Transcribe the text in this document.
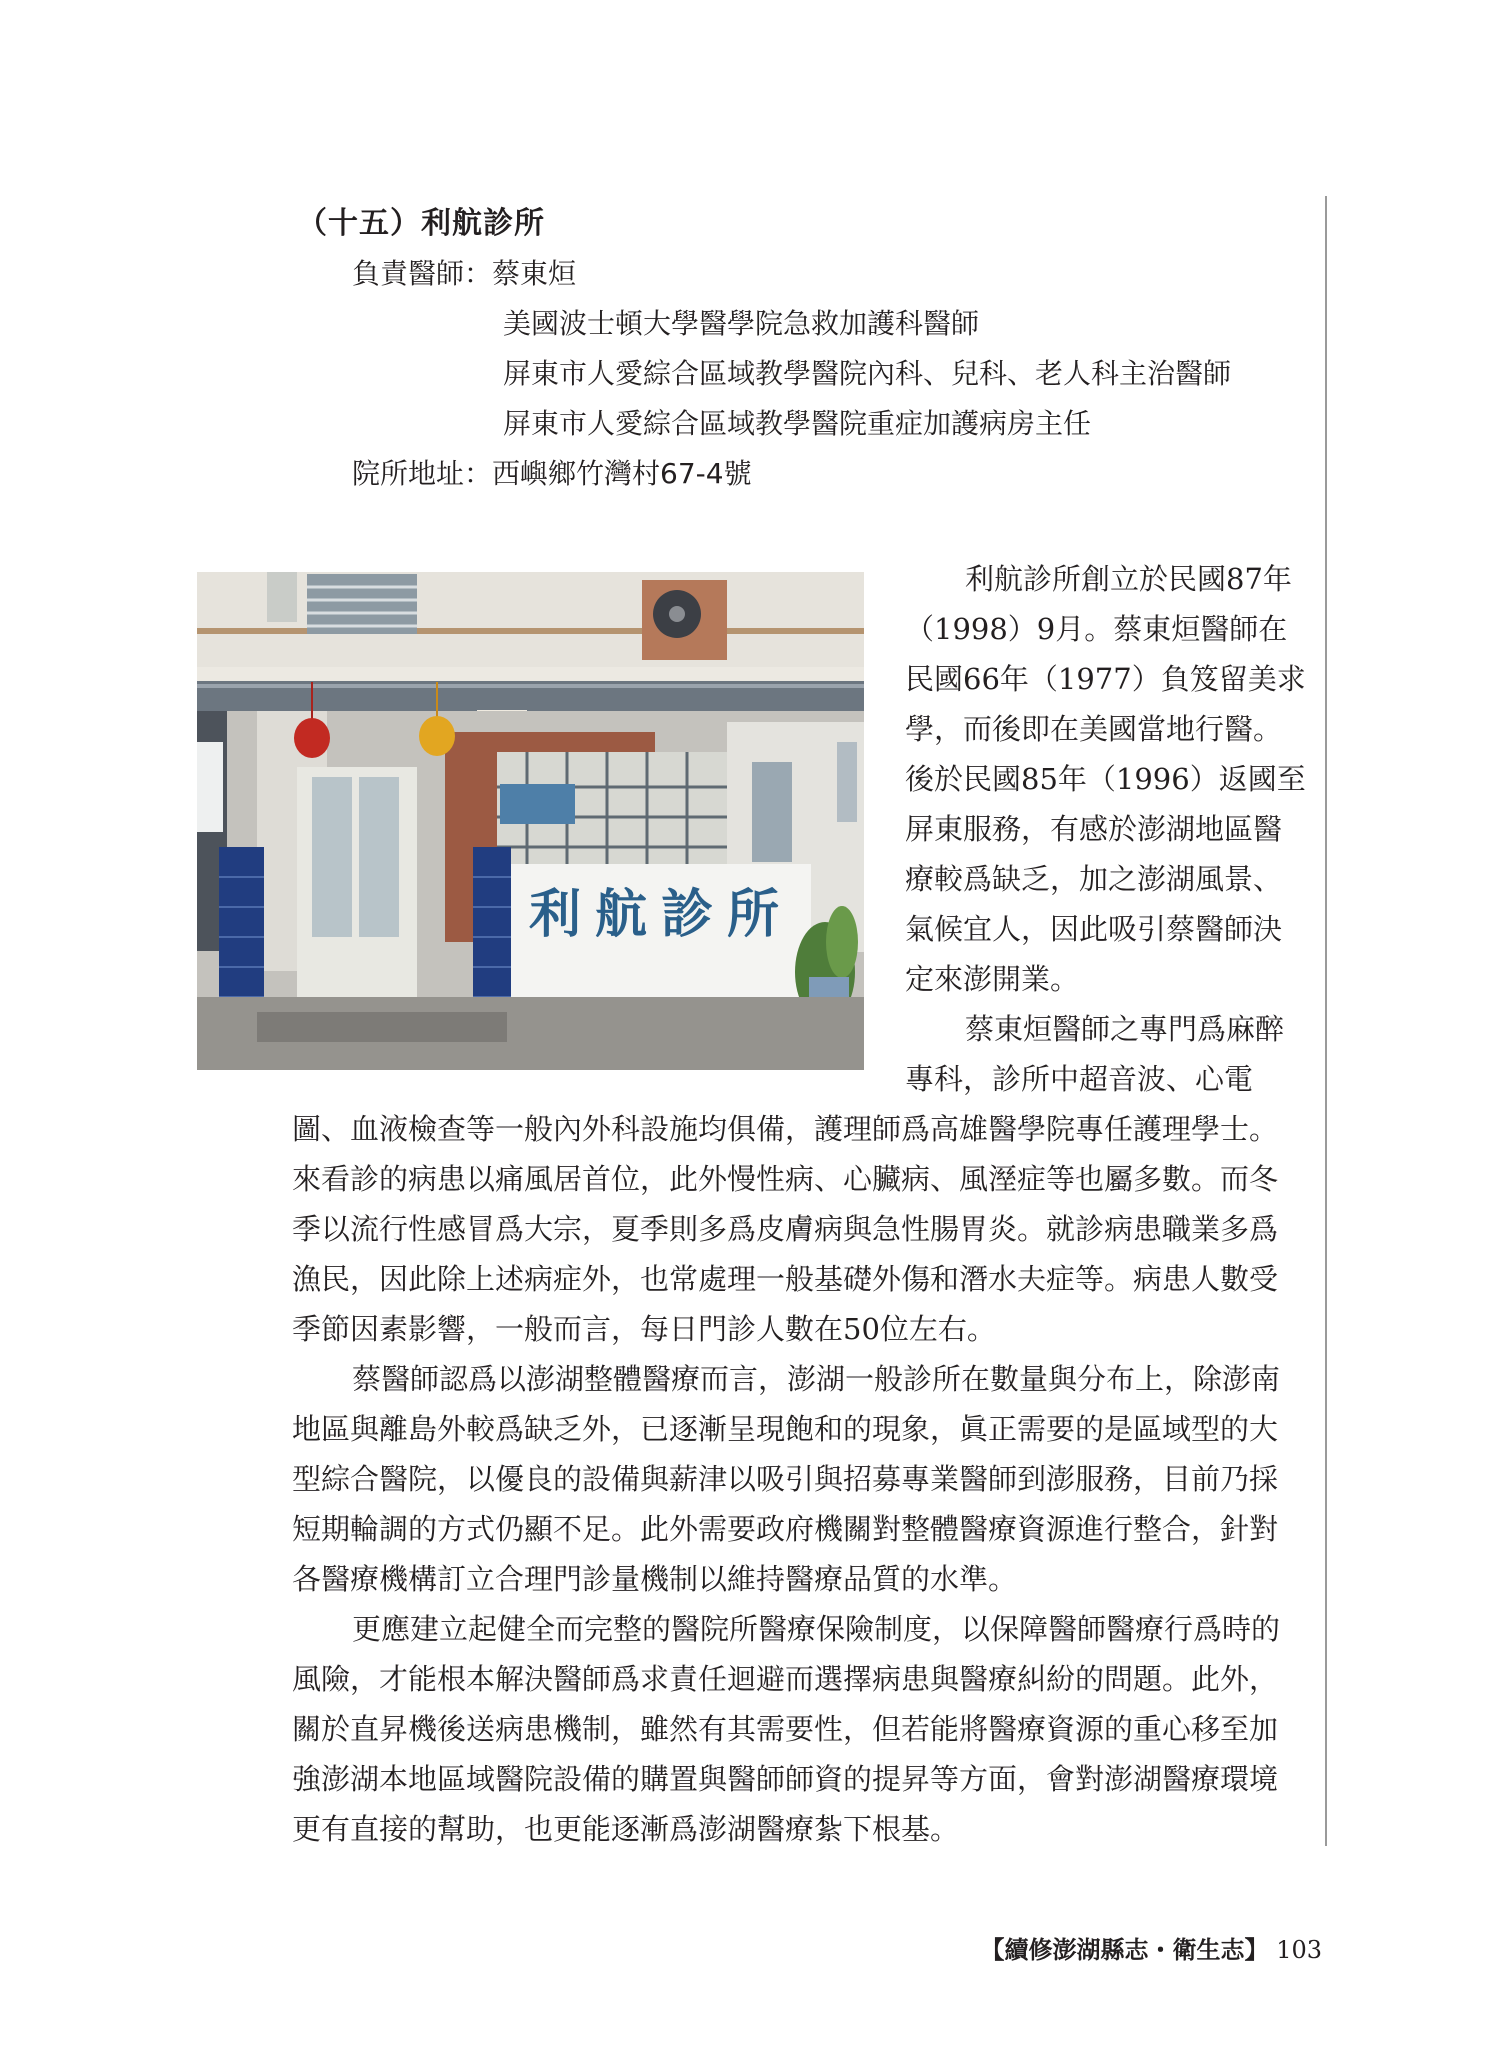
（十五）利航診所
負責醫師：蔡東烜
美國波士頓大學醫學院急救加護科醫師
屏東市人愛綜合區域教學醫院內科、兒科、老人科主治醫師
屏東市人愛綜合區域教學醫院重症加護病房主任
院所地址：西嶼鄉竹灣村67-4號
利航診所

利航診所創立於民國87年

（1998）9月。蔡東烜醫師在

民國66年（1977）負笈留美求

學，而後即在美國當地行醫。

後於民國85年（1996）返國至

屏東服務，有感於澎湖地區醫

療較爲缺乏，加之澎湖風景、

氣候宜人，因此吸引蔡醫師決

定來澎開業。

蔡東烜醫師之專門爲麻醉

專科，診所中超音波、心電

圖、血液檢查等一般內外科設施均俱備，護理師爲高雄醫學院專任護理學士。

來看診的病患以痛風居首位，此外慢性病、心臟病、風溼症等也屬多數。而冬

季以流行性感冒爲大宗，夏季則多爲皮膚病與急性腸胃炎。就診病患職業多爲

漁民，因此除上述病症外，也常處理一般基礎外傷和潛水夫症等。病患人數受

季節因素影響，一般而言，每日門診人數在50位左右。

蔡醫師認爲以澎湖整體醫療而言，澎湖一般診所在數量與分布上，除澎南

地區與離島外較爲缺乏外，已逐漸呈現飽和的現象，眞正需要的是區域型的大

型綜合醫院，以優良的設備與薪津以吸引與招募專業醫師到澎服務，目前乃採

短期輪調的方式仍顯不足。此外需要政府機關對整體醫療資源進行整合，針對

各醫療機構訂立合理門診量機制以維持醫療品質的水準。

更應建立起健全而完整的醫院所醫療保險制度，以保障醫師醫療行爲時的

風險，才能根本解決醫師爲求責任迴避而選擇病患與醫療糾紛的問題。此外，

關於直昇機後送病患機制，雖然有其需要性，但若能將醫療資源的重心移至加

強澎湖本地區域醫院設備的購置與醫師師資的提昇等方面，會對澎湖醫療環境

更有直接的幫助，也更能逐漸爲澎湖醫療紮下根基。

【續修澎湖縣志・衛生志】 103
